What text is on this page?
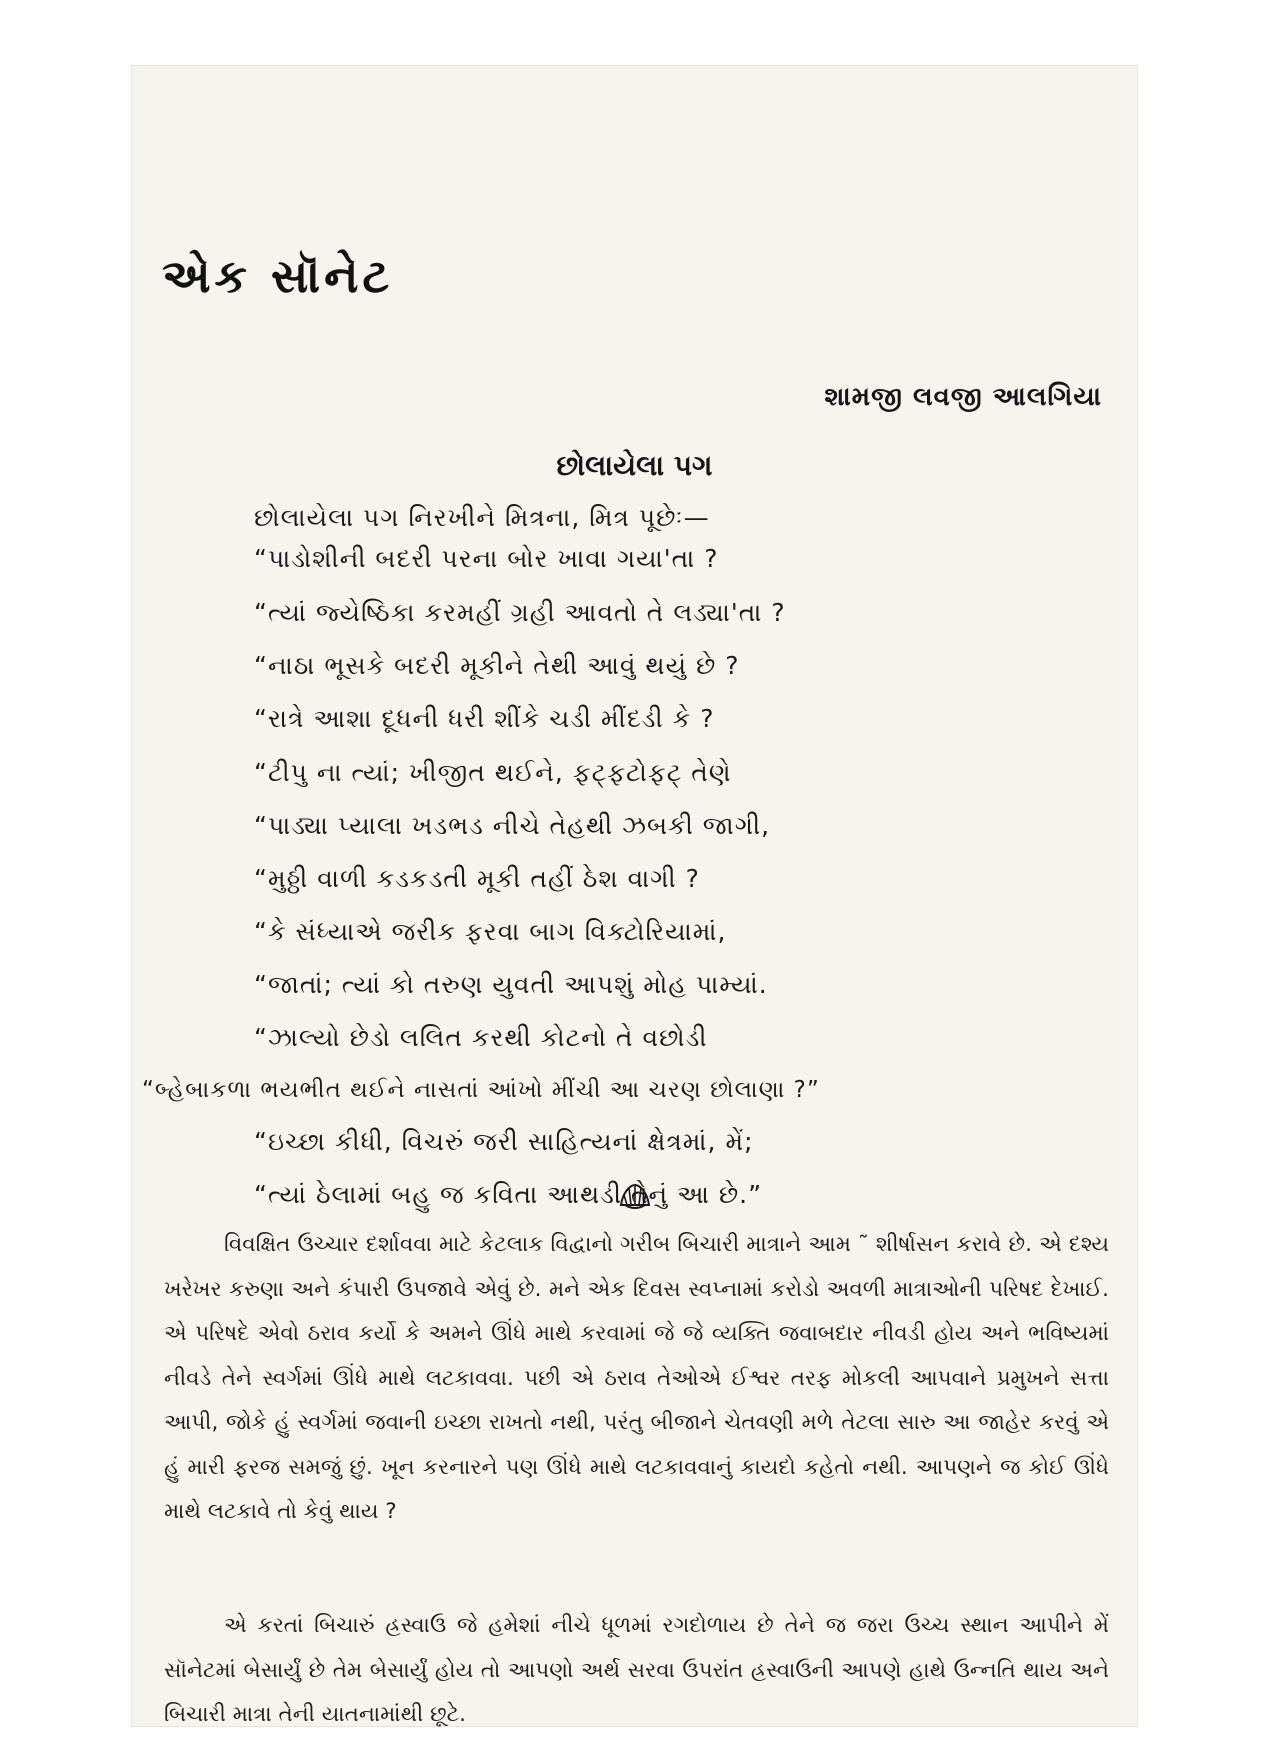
એક સૉનેટ
શામજી લવજી આલગિયા
છોલાયેલા પગ
છોલાયેલા પગ નિરખીને મિત્રના, મિત્ર પૂછેઃ—
“પાડોશીની બદરી પરના બોર ખાવા ગયા'તા ?
“ત્યાં જ્યેષ્ઠિકા કરમહીં ગ્રહી આવતો તે લડ્યા'તા ?
“નાઠા ભૂસકે બદરી મૂકીને તેથી આવું થયું છે ?
“રાત્રે આશા દૂધની ધરી શીંકે ચડી મીંદડી કે ?
“ટીપુ ના ત્યાં; ખીજીત થઈને, ફટ્ફટોફટ્ તેણે
“પાડ્યા પ્યાલા ખડભડ નીચે તેહથી ઝબકી જાગી,
“મુઠ્ઠી વાળી કડકડતી મૂકી તહીં ઠેશ વાગી ?
“કે સંધ્યાએ જરીક ફરવા બાગ વિક્ટોરિયામાં,
“જાતાં; ત્યાં કો તરુણ યુવતી આપશું મોહ પામ્યાં.
“ઝાલ્યો છેડો લલિત કરથી કોટનો તે વછોડી
“બ્હેબાકળા ભયભીત થઈને નાસતાં આંખો મીંચી આ ચરણ છોલાણા ?”
“ઇચ્છા કીધી, વિચરું જરી સાહિત્યનાં ક્ષેત્રમાં, મેં;
“ત્યાં ઠેલામાં બહુ જ કવિતા આથડી તેનું આ છે.”

વિવક્ષિત ઉચ્ચાર દર્શાવવા માટે કેટલાક વિદ્વાનો ગરીબ બિચારી માત્રાને આમ ˜ શીર્ષાસન કરાવે છે. એ દશ્ય ખરેખર કરુણા અને કંપારી ઉપજાવે એવું છે. મને એક દિવસ સ્વપ્નામાં કરોડો અવળી માત્રાઓની પરિષદ દેખાઈ. એ પરિષદે એવો ઠરાવ કર્યો કે અમને ઊંધે માથે કરવામાં જે જે વ્યક્તિ જવાબદાર નીવડી હોય અને ભવિષ્યમાં નીવડે તેને સ્વર્ગમાં ઊંધે માથે લટકાવવા. પછી એ ઠરાવ તેઓએ ઈશ્વર તરફ મોકલી આપવાને પ્રમુખને સત્તા આપી, જોકે હું સ્વર્ગમાં જવાની ઇચ્છા રાખતો નથી, પરંતુ બીજાને ચેતવણી મળે તેટલા સારુ આ જાહેર કરવું એ હું મારી ફરજ સમજું છું. ખૂન કરનારને પણ ઊંધે માથે લટકાવવાનું કાયદો કહેતો નથી. આપણને જ કોઈ ઊંધે માથે લટકાવે તો કેવું થાય ?

એ કરતાં બિચારું હ્રસ્વાઉ જે હમેશાં નીચે ધૂળમાં રગદોળાય છે તેને જ જરા ઉચ્ચ સ્થાન આપીને મેં સૉનેટમાં બેસાર્યું છે તેમ બેસાર્યું હોય તો આપણો અર્થ સરવા ઉપરાંત હ્રસ્વાઉની આપણે હાથે ઉન્નતિ થાય અને બિચારી માત્રા તેની યાતનામાંથી છૂટે.
